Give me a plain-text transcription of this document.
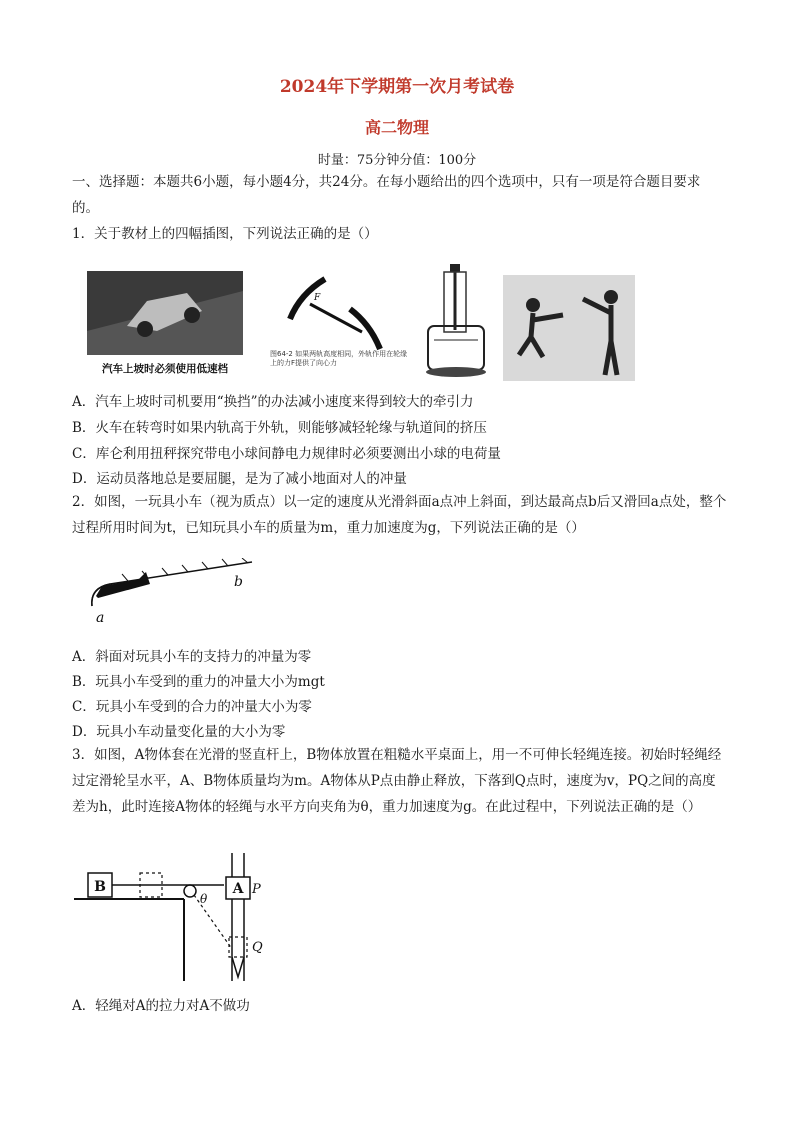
2024年下学期第一次月考试卷
高二物理
时量：75分钟分值：100分

一、选择题：本题共6小题，每小题4分，共24分。在每小题给出的四个选项中，只有一项是符合题目要求的。

1．关于教材上的四幅插图，下列说法正确的是（）

汽车上坡时必须使用低速档
F
图64-2 如果两轨高度相同，外轨作用在轮缘上的力F提供了向心力

A．汽车上坡时司机要用“换挡”的办法减小速度来得到较大的牵引力

B．火车在转弯时如果内轨高于外轨，则能够减轻轮缘与轨道间的挤压

C．库仑利用扭秤探究带电小球间静电力规律时必须要测出小球的电荷量

D．运动员落地总是要屈腿，是为了减小地面对人的冲量

2．如图，一玩具小车（视为质点）以一定的速度从光滑斜面a点冲上斜面，到达最高点b后又滑回a点处，整个过程所用时间为t，已知玩具小车的质量为m，重力加速度为g，下列说法正确的是（）

a
b

A．斜面对玩具小车的支持力的冲量为零

B．玩具小车受到的重力的冲量大小为mgt

C．玩具小车受到的合力的冲量大小为零

D．玩具小车动量变化量的大小为零

3．如图，A物体套在光滑的竖直杆上，B物体放置在粗糙水平桌面上，用一不可伸长轻绳连接。初始时轻绳经过定滑轮呈水平，A、B物体质量均为m。A物体从P点由静止释放，下落到Q点时，速度为v，PQ之间的高度差为h，此时连接A物体的轻绳与水平方向夹角为θ，重力加速度为g。在此过程中，下列说法正确的是（）

B	A P
θ
Q

A．轻绳对A的拉力对A不做功
